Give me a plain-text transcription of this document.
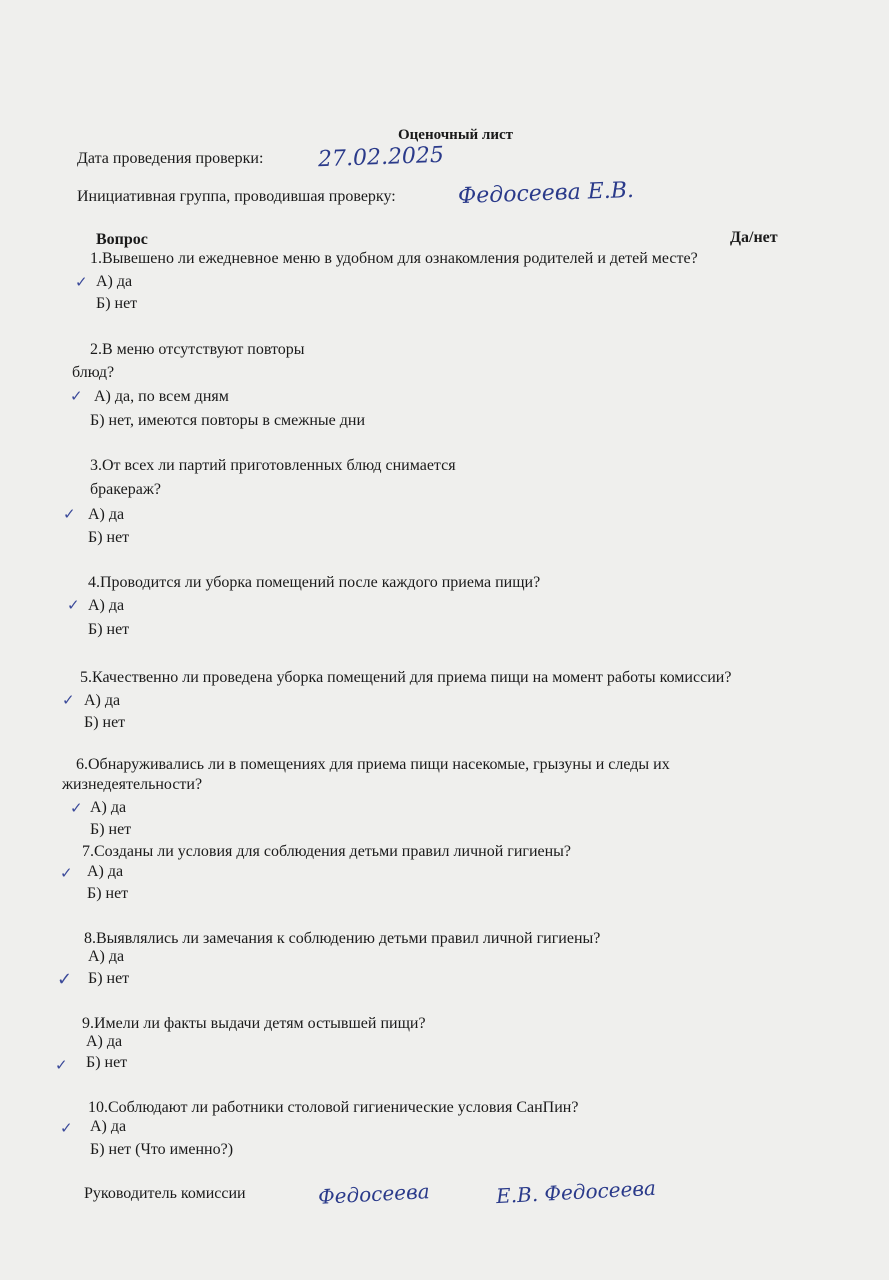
Оценочный лист
Дата проведения проверки: 27.02.2025
Инициативная группа, проводившая проверку:	Федосеева Е.В.
Вопрос	Да/нет
1.Вывешено ли ежедневное меню в удобном для ознакомления родителей и детей месте?
✓ А) да
Б) нет
2.В меню отсутствуют повторы
блюд?
✓ А) да, по всем дням
Б) нет, имеются повторы в смежные дни
3.От всех ли партий приготовленных блюд снимается
бракераж?
✓ А) да
Б) нет
4.Проводится ли уборка помещений после каждого приема пищи?
✓ А) да
Б) нет
5.Качественно ли проведена уборка помещений для приема пищи на момент работы комиссии?
✓ А) да
Б) нет
6.Обнаруживались ли в помещениях для приема пищи насекомые, грызуны и следы их
жизнедеятельности?
✓ А) да
Б) нет
7.Созданы ли условия для соблюдения детьми правил личной гигиены?
✓ А) да
Б) нет
8.Выявлялись ли замечания к соблюдению детьми правил личной гигиены?
А) да
✓ Б) нет
9.Имели ли факты выдачи детям остывшей пищи?
А) да
✓ Б) нет
10.Соблюдают ли работники столовой гигиенические условия СанПин?
✓ А) да
Б) нет (Что именно?)
Руководитель комиссии	Федосеева	Е.В. Федосеева
